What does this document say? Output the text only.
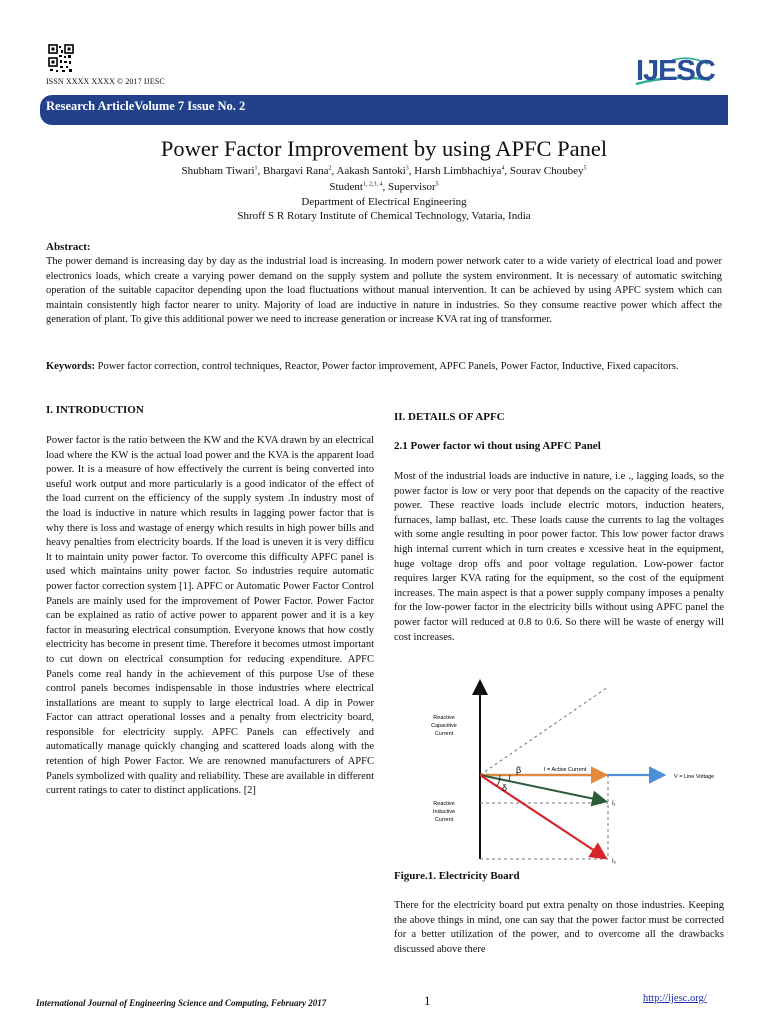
ISSN XXXX XXXX © 2017 IJESC	IJESC
Research ArticleVolume 7 Issue No. 2
Power Factor Improvement by using APFC Panel
Shubham Tiwari$^1$, Bhargavi Rana$^2$, Aakash Santoki$^3$, Harsh Limbhachiya$^4$, Sourav Choubey$^5$
Student$^{1, 2,3, 4}$, Supervisor$^5$
Department of Electrical Engineering
Shroff S R Rotary Institute of Chemical Technology, Vataria, India
Abstract:
The power demand is increasing day by day as the industrial load is increasing. In modern power network cater to a wide variety of electrical load and power electronics loads, which create a varying power demand on the supply system and pollute the system environment. It is necessary of automatic switching operation of the suitable capacitor depending upon the load fluctuations without manual intervention. It can be achieved by using APFC system which can maintain consistently high factor nearer to unity. Majority of load are inductive in nature in industries. So they consume reactive power which affect the generation of plant. To give this additional power we need to increase generation or increase KVA rat ing of transformer.
Keywords: Power factor correction, control techniques, Reactor, Power factor improvement, APFC Panels, Power Factor, Inductive, Fixed capacitors.
I. INTRODUCTION
Power factor is the ratio between the KW and the KVA drawn by an electrical load where the KW is the actual load power and the KVA is the apparent load power. It is a measure of how effectively the current is being converted into useful work output and more particularly is a good indicator of the effect of the load current on the efficiency of the supply system .In industry most of the load is inductive in nature which results in lagging power factor that is why there is loss and wastage of energy which results in high power bills and heavy penalties from electricity boards. If the load is uneven it is very difficu lt to maintain unity power factor. To overcome this difficulty APFC panel is used which maintains unity power factor. So industries require automatic power factor correction system [1]. APFC or Automatic Power Factor Control Panels are mainly used for the improvement of Power Factor. Power Factor can be explained as ratio of active power to apparent power and it is a key factor in measuring electrical consumption. Everyone knows that how costly electricity has become in present time. Therefore it becomes utmost important to cut down on electrical consumption for reducing expenditure. APFC Panels come real handy in the achievement of this purpose Use of these control panels becomes indispensable in those industries where electrical installations are meant to supply to large electrical load. A dip in Power Factor can attract operational losses and a penalty from electricity board, responsible for electricity supply. APFC Panels can effectively and automatically manage quickly changing and scattered loads along with the retention of high Power Factor. We are renowned manufacturers of APFC Panels symbolized with quality and reliability. These are available in different current ratings to cater to distinct applications. [2]
II. DETAILS OF APFC
2.1 Power factor wi thout using APFC Panel
Most of the industrial loads are inductive in nature, i.e ., lagging loads, so the power factor is low or very poor that depends on the capacity of the reactive power. These reactive loads include electric motors, induction heaters, furnaces, lamp ballast, etc. These loads cause the currents to lag the voltages with some angle resulting in poor power factor. This low power factor draws high internal current which in turn creates e xcessive heat in the equipment, huge voltage drop offs and poor voltage regulation. Low-power factor requires larger KVA rating for the equipment, so the cost of the equipment increases. The main aspect is that a power supply company imposes a penalty for the low-power factor in the electricity bills without using APFC panel the power factor will reduced at 0.8 to 0.6. So there will be waste of energy will cost increases.
β
δ
I₁
I₂
Reactive
Capacitive
Current
I = Active Current
V = Line Voltage
Reactive
Inductive
Current
Figure.1. Electricity Board
There for the electricity board put extra penalty on those industries. Keeping the above things in mind, one can say that the power factor must be corrected for a better utilization of the power, and to overcome all the drawbacks discussed above there
International Journal of Engineering Science and Computing, February 2017	1	http://ijesc.org/
